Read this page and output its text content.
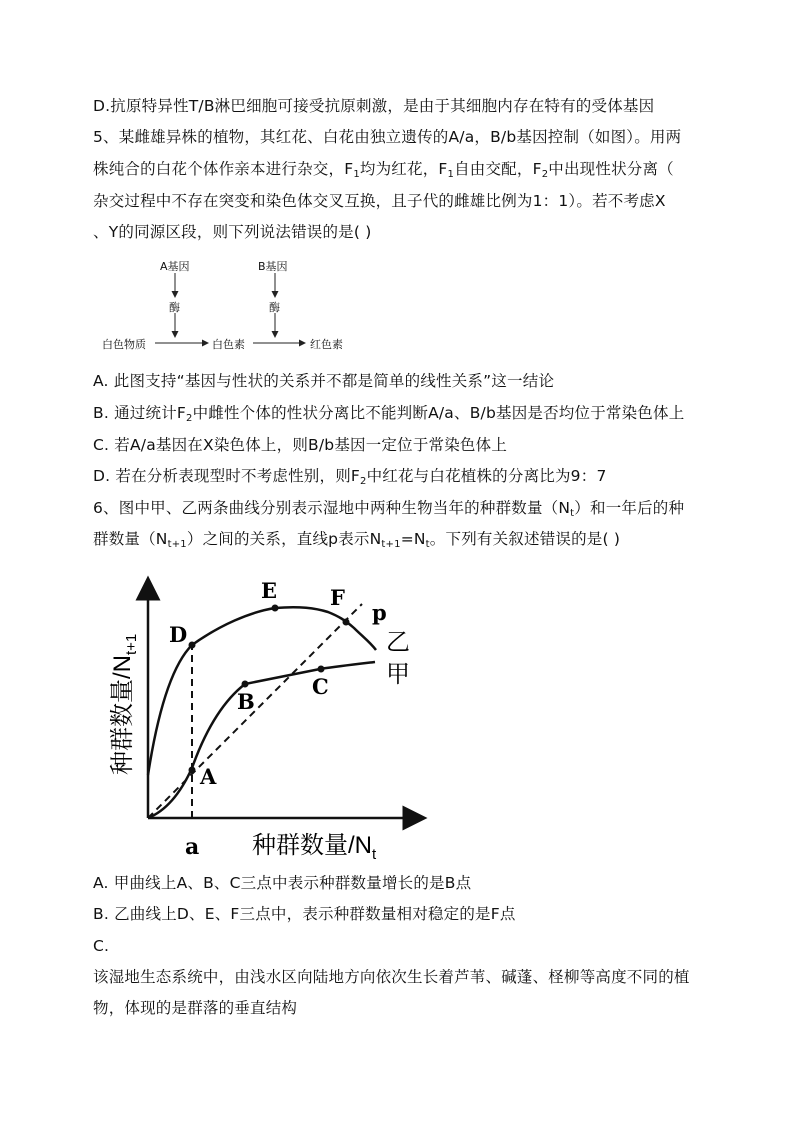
D.抗原特异性T/B淋巴细胞可接受抗原刺激，是由于其细胞内存在特有的受体基因
5、某雌雄异株的植物，其红花、白花由独立遗传的A/a，B/b基因控制（如图）。用两
株纯合的白花个体作亲本进行杂交，$F_1$均为红花，$F_1$自由交配，$F_2$中出现性状分离（
杂交过程中不存在突变和染色体交叉互换，且子代的雌雄比例为1：1）。若不考虑X
、Y的同源区段，则下列说法错误的是( )
A基因	B基因
酶	酶
白色物质	白色素	红色素
A. 此图支持“基因与性状的关系并不都是简单的线性关系”这一结论
B. 通过统计$F_2$中雌性个体的性状分离比不能判断A/a、B/b基因是否均位于常染色体上
C. 若A/a基因在X染色体上，则B/b基因一定位于常染色体上
D. 若在分析表现型时不考虑性别，则$F_2$中红花与白花植株的分离比为9：7
6、图中甲、乙两条曲线分别表示湿地中两种生物当年的种群数量$(N_t)$和一年后的种
群数量$(N_{t+1})$之间的关系，直线p表示$N_{t+1}=N_t$。下列有关叙述错误的是( )
A
B
C
D
E	F
p
乙
甲
a 种群数量$/N_t$
种群数量$/N_{t+1}$
A. 甲曲线上A、B、C三点中表示种群数量增长的是B点
B. 乙曲线上D、E、F三点中，表示种群数量相对稳定的是F点
C.
该湿地生态系统中，由浅水区向陆地方向依次生长着芦苇、碱蓬、柽柳等高度不同的植物，体现的是群落的垂直结构
